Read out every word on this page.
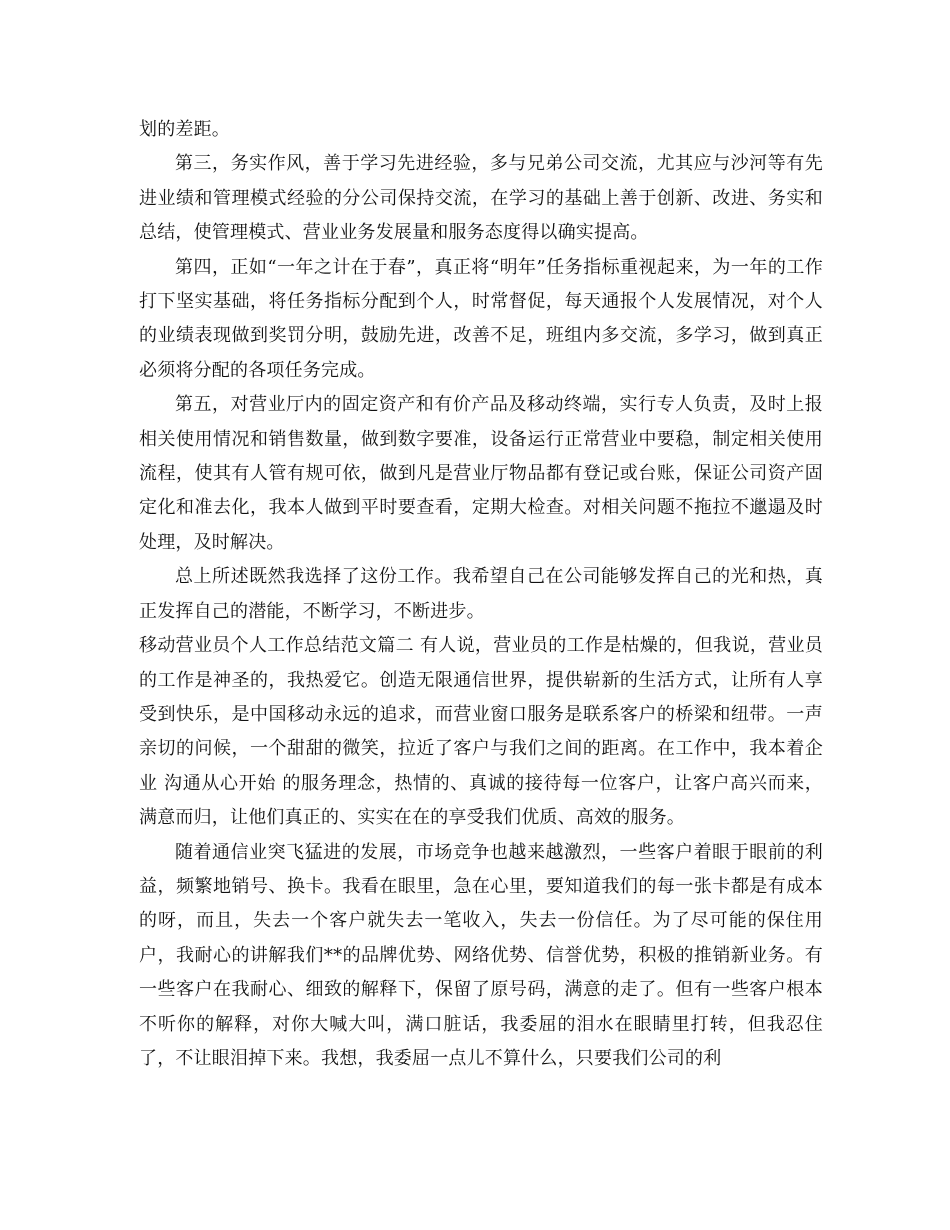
划的差距。

第三，务实作风，善于学习先进经验，多与兄弟公司交流，尤其应与沙河等有先进业绩和管理模式经验的分公司保持交流，在学习的基础上善于创新、改进、务实和总结，使管理模式、营业业务发展量和服务态度得以确实提高。

第四，正如“一年之计在于春”，真正将“明年”任务指标重视起来，为一年的工作打下坚实基础，将任务指标分配到个人，时常督促，每天通报个人发展情况，对个人的业绩表现做到奖罚分明，鼓励先进，改善不足，班组内多交流，多学习，做到真正必须将分配的各项任务完成。

第五，对营业厅内的固定资产和有价产品及移动终端，实行专人负责，及时上报相关使用情况和销售数量，做到数字要准，设备运行正常营业中要稳，制定相关使用流程，使其有人管有规可依，做到凡是营业厅物品都有登记或台账，保证公司资产固定化和准去化，我本人做到平时要查看，定期大检查。对相关问题不拖拉不邋遢及时处理，及时解决。

总上所述既然我选择了这份工作。我希望自己在公司能够发挥自己的光和热，真正发挥自己的潜能，不断学习，不断进步。

移动营业员个人工作总结范文篇二 有人说，营业员的工作是枯燥的，但我说，营业员的工作是神圣的，我热爱它。创造无限通信世界，提供崭新的生活方式，让所有人享受到快乐，是中国移动永远的追求，而营业窗口服务是联系客户的桥梁和纽带。一声亲切的问候，一个甜甜的微笑，拉近了客户与我们之间的距离。在工作中，我本着企业 沟通从心开始 的服务理念，热情的、真诚的接待每一位客户，让客户高兴而来，满意而归，让他们真正的、实实在在的享受我们优质、高效的服务。

随着通信业突飞猛进的发展，市场竞争也越来越激烈，一些客户着眼于眼前的利益，频繁地销号、换卡。我看在眼里，急在心里，要知道我们的每一张卡都是有成本的呀，而且，失去一个客户就失去一笔收入，失去一份信任。为了尽可能的保住用户，我耐心的讲解我们**的品牌优势、网络优势、信誉优势，积极的推销新业务。有一些客户在我耐心、细致的解释下，保留了原号码，满意的走了。但有一些客户根本不听你的解释，对你大喊大叫，满口脏话，我委屈的泪水在眼睛里打转，但我忍住了，不让眼泪掉下来。我想，我委屈一点儿不算什么，只要我们公司的利
